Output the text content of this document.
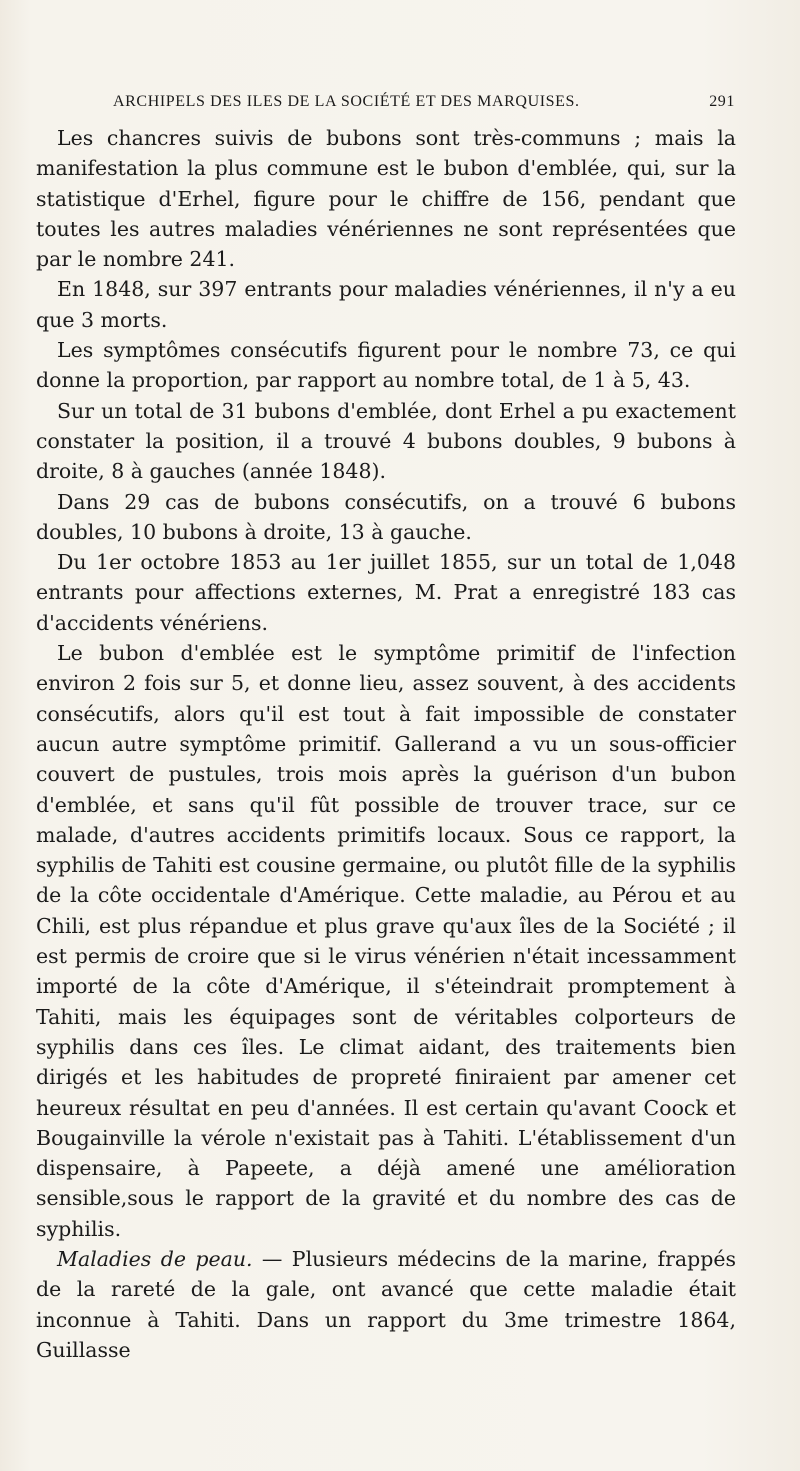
ARCHIPELS DES ILES DE LA SOCIÉTÉ ET DES MARQUISES.	291

Les chancres suivis de bubons sont très-communs ; mais la manifestation la plus commune est le bubon d'emblée, qui, sur la statistique d'Erhel, figure pour le chiffre de 156, pendant que toutes les autres maladies vénériennes ne sont représentées que par le nombre 241.

En 1848, sur 397 entrants pour maladies vénériennes, il n'y a eu que 3 morts.

Les symptômes consécutifs figurent pour le nombre 73, ce qui donne la proportion, par rapport au nombre total, de 1 à 5, 43.

Sur un total de 31 bubons d'emblée, dont Erhel a pu exactement constater la position, il a trouvé 4 bubons doubles, 9 bubons à droite, 8 à gauches (année 1848).

Dans 29 cas de bubons consécutifs, on a trouvé 6 bubons doubles, 10 bubons à droite, 13 à gauche.

Du 1er octobre 1853 au 1er juillet 1855, sur un total de 1,048 entrants pour affections externes, M. Prat a enregistré 183 cas d'accidents vénériens.

Le bubon d'emblée est le symptôme primitif de l'infection environ 2 fois sur 5, et donne lieu, assez souvent, à des accidents consécutifs, alors qu'il est tout à fait impossible de constater aucun autre symptôme primitif. Gallerand a vu un sous-officier couvert de pustules, trois mois après la guérison d'un bubon d'emblée, et sans qu'il fût possible de trouver trace, sur ce malade, d'autres accidents primitifs locaux. Sous ce rapport, la syphilis de Tahiti est cousine germaine, ou plutôt fille de la syphilis de la côte occidentale d'Amérique. Cette maladie, au Pérou et au Chili, est plus répandue et plus grave qu'aux îles de la Société ; il est permis de croire que si le virus vénérien n'était incessamment importé de la côte d'Amérique, il s'éteindrait promptement à Tahiti, mais les équipages sont de véritables colporteurs de syphilis dans ces îles. Le climat aidant, des traitements bien dirigés et les habitudes de propreté finiraient par amener cet heureux résultat en peu d'années. Il est certain qu'avant Coock et Bougainville la vérole n'existait pas à Tahiti. L'établissement d'un dispensaire, à Papeete, a déjà amené une amélioration sensible,sous le rapport de la gravité et du nombre des cas de syphilis.

Maladies de peau. — Plusieurs médecins de la marine, frappés de la rareté de la gale, ont avancé que cette maladie était inconnue à Tahiti. Dans un rapport du 3me trimestre 1864, Guillasse
